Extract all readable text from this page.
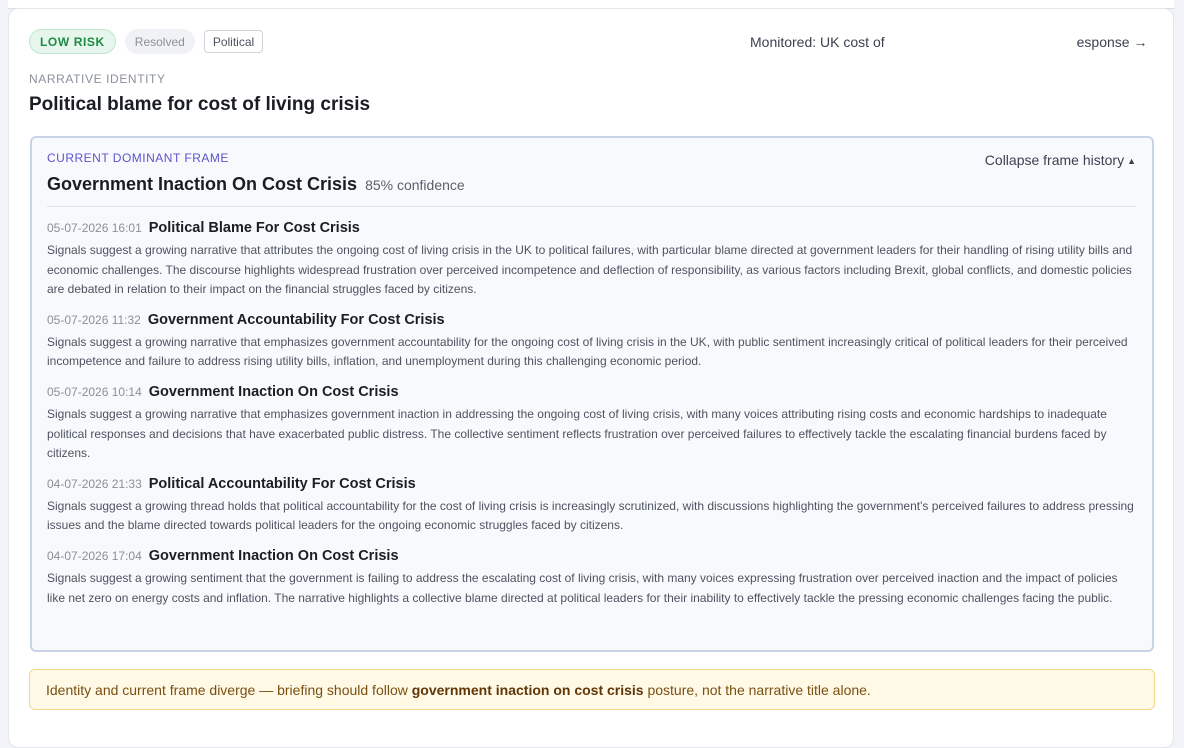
LOW RISK	Resolved	Political	Monitored: UK cost of	esponse →
NARRATIVE IDENTITY
Political blame for cost of living crisis
CURRENT DOMINANT FRAME	Collapse frame history ▲
Government Inaction On Cost Crisis 85% confidence
05-07-2026 16:01 Political Blame For Cost Crisis
Signals suggest a growing narrative that attributes the ongoing cost of living crisis in the UK to political failures, with particular blame directed at government leaders for their handling of rising utility bills and economic challenges. The discourse highlights widespread frustration over perceived incompetence and deflection of responsibility, as various factors including Brexit, global conflicts, and domestic policies are debated in relation to their impact on the financial struggles faced by citizens.
05-07-2026 11:32 Government Accountability For Cost Crisis
Signals suggest a growing narrative that emphasizes government accountability for the ongoing cost of living crisis in the UK, with public sentiment increasingly critical of political leaders for their perceived incompetence and failure to address rising utility bills, inflation, and unemployment during this challenging economic period.
05-07-2026 10:14 Government Inaction On Cost Crisis
Signals suggest a growing narrative that emphasizes government inaction in addressing the ongoing cost of living crisis, with many voices attributing rising costs and economic hardships to inadequate political responses and decisions that have exacerbated public distress. The collective sentiment reflects frustration over perceived failures to effectively tackle the escalating financial burdens faced by citizens.
04-07-2026 21:33 Political Accountability For Cost Crisis
Signals suggest a growing thread holds that political accountability for the cost of living crisis is increasingly scrutinized, with discussions highlighting the government's perceived failures to address pressing issues and the blame directed towards political leaders for the ongoing economic struggles faced by citizens.
04-07-2026 17:04 Government Inaction On Cost Crisis
Signals suggest a growing sentiment that the government is failing to address the escalating cost of living crisis, with many voices expressing frustration over perceived inaction and the impact of policies like net zero on energy costs and inflation. The narrative highlights a collective blame directed at political leaders for their inability to effectively tackle the pressing economic challenges facing the public.
Identity and current frame diverge — briefing should follow government inaction on cost crisis posture, not the narrative title alone.
